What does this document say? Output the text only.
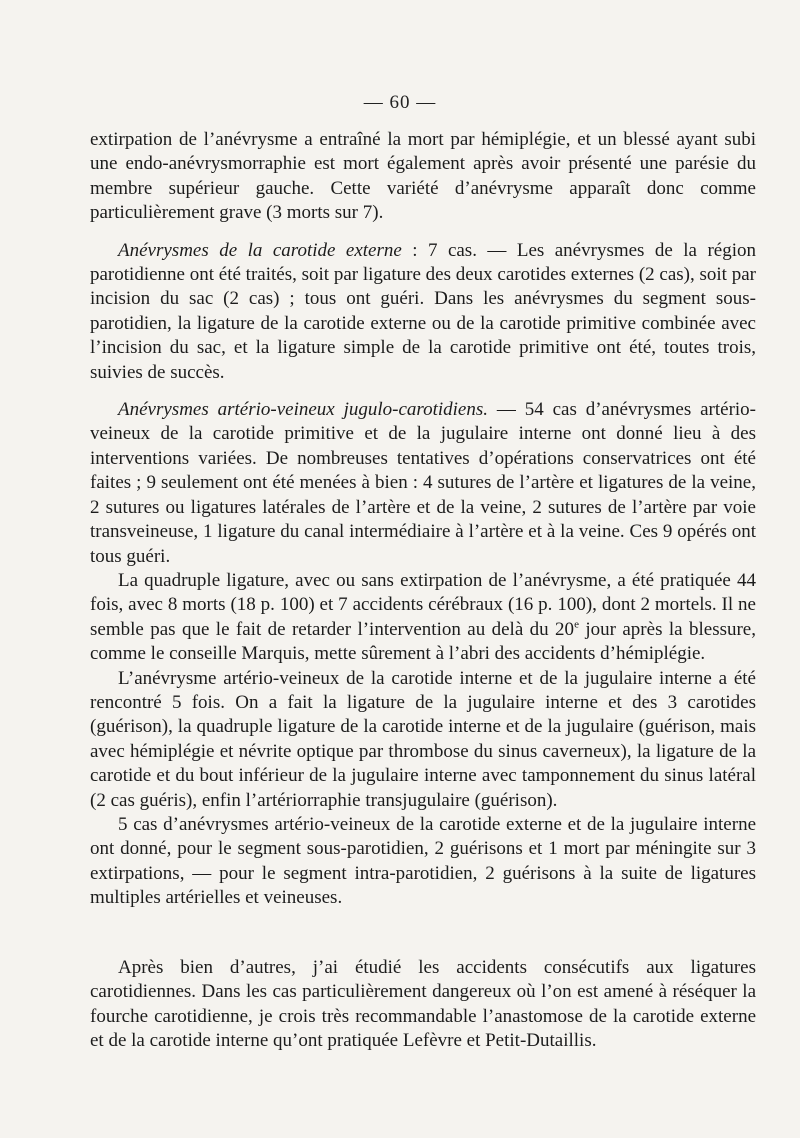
— 60 —

extirpation de l’anévrysme a entraîné la mort par hémiplégie, et un blessé ayant subi une endo-anévrysmorraphie est mort également après avoir présenté une parésie du membre supérieur gauche. Cette variété d’anévrysme apparaît donc comme particulièrement grave (3 morts sur 7).

Anévrysmes de la carotide externe : 7 cas. — Les anévrysmes de la région parotidienne ont été traités, soit par ligature des deux carotides externes (2 cas), soit par incision du sac (2 cas) ; tous ont guéri. Dans les anévrysmes du segment sous-parotidien, la ligature de la carotide externe ou de la carotide primitive combinée avec l’incision du sac, et la ligature simple de la carotide primitive ont été, toutes trois, suivies de succès.

Anévrysmes artério-veineux jugulo-carotidiens. — 54 cas d’anévrysmes artério-veineux de la carotide primitive et de la jugulaire interne ont donné lieu à des interventions variées. De nombreuses tentatives d’opérations conservatrices ont été faites ; 9 seulement ont été menées à bien : 4 sutures de l’artère et ligatures de la veine, 2 sutures ou ligatures latérales de l’artère et de la veine, 2 sutures de l’artère par voie transveineuse, 1 ligature du canal intermédiaire à l’artère et à la veine. Ces 9 opérés ont tous guéri.

La quadruple ligature, avec ou sans extirpation de l’anévrysme, a été pratiquée 44 fois, avec 8 morts (18 p. 100) et 7 accidents cérébraux (16 p. 100), dont 2 mortels. Il ne semble pas que le fait de retarder l’intervention au delà du 20e jour après la blessure, comme le conseille Marquis, mette sûrement à l’abri des accidents d’hémiplégie.

L’anévrysme artério-veineux de la carotide interne et de la jugulaire interne a été rencontré 5 fois. On a fait la ligature de la jugulaire interne et des 3 carotides (guérison), la quadruple ligature de la carotide interne et de la jugulaire (guérison, mais avec hémiplégie et névrite optique par thrombose du sinus caverneux), la ligature de la carotide et du bout inférieur de la jugulaire interne avec tamponnement du sinus latéral (2 cas guéris), enfin l’artériorraphie transjugulaire (guérison).

5 cas d’anévrysmes artério-veineux de la carotide externe et de la jugulaire interne ont donné, pour le segment sous-parotidien, 2 guérisons et 1 mort par méningite sur 3 extirpations, — pour le segment intra-parotidien, 2 guérisons à la suite de ligatures multiples artérielles et veineuses.

Après bien d’autres, j’ai étudié les accidents consécutifs aux ligatures carotidiennes. Dans les cas particulièrement dangereux où l’on est amené à réséquer la fourche carotidienne, je crois très recommandable l’anastomose de la carotide externe et de la carotide interne qu’ont pratiquée Lefèvre et Petit-Dutaillis.
